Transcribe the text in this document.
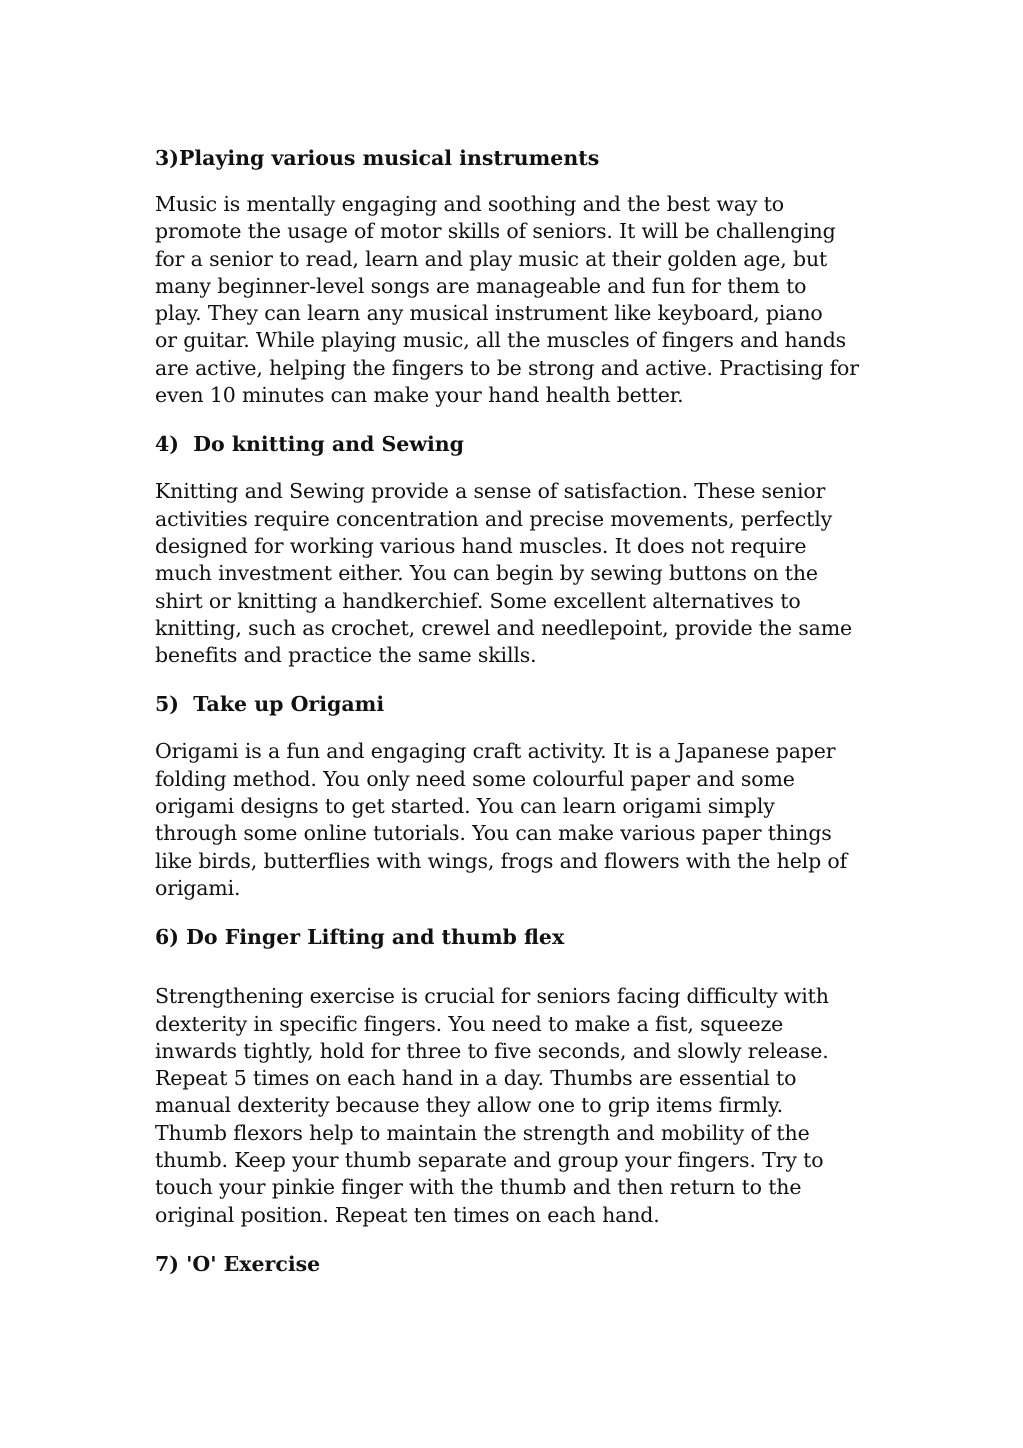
3)Playing various musical instruments

Music is mentally engaging and soothing and the best way to
promote the usage of motor skills of seniors. It will be challenging
for a senior to read, learn and play music at their golden age, but
many beginner-level songs are manageable and fun for them to
play. They can learn any musical instrument like keyboard, piano
or guitar. While playing music, all the muscles of fingers and hands
are active, helping the fingers to be strong and active. Practising for
even 10 minutes can make your hand health better.

4)  Do knitting and Sewing

Knitting and Sewing provide a sense of satisfaction. These senior
activities require concentration and precise movements, perfectly
designed for working various hand muscles. It does not require
much investment either. You can begin by sewing buttons on the
shirt or knitting a handkerchief. Some excellent alternatives to
knitting, such as crochet, crewel and needlepoint, provide the same
benefits and practice the same skills.

5)  Take up Origami

Origami is a fun and engaging craft activity. It is a Japanese paper
folding method. You only need some colourful paper and some
origami designs to get started. You can learn origami simply
through some online tutorials. You can make various paper things
like birds, butterflies with wings, frogs and flowers with the help of
origami.

6) Do Finger Lifting and thumb flex

Strengthening exercise is crucial for seniors facing difficulty with
dexterity in specific fingers. You need to make a fist, squeeze
inwards tightly, hold for three to five seconds, and slowly release.
Repeat 5 times on each hand in a day. Thumbs are essential to
manual dexterity because they allow one to grip items firmly.
Thumb flexors help to maintain the strength and mobility of the
thumb. Keep your thumb separate and group your fingers. Try to
touch your pinkie finger with the thumb and then return to the
original position. Repeat ten times on each hand.

7) 'O' Exercise
